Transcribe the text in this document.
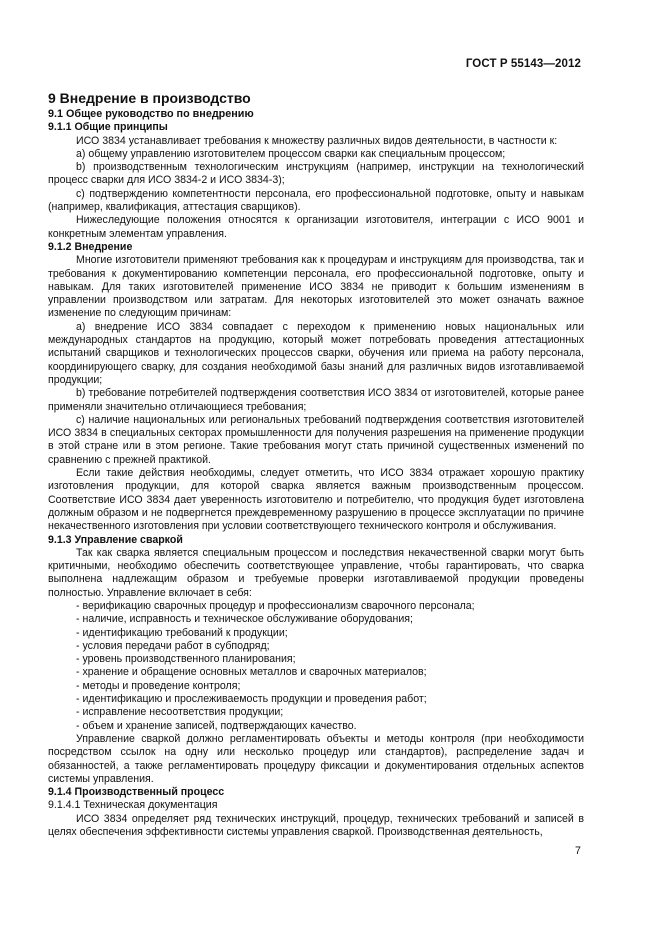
ГОСТ Р 55143—2012

9 Внедрение в производство

9.1 Общее руководство по внедрению

9.1.1 Общие принципы

ИСО 3834 устанавливает требования к множеству различных видов деятельности, в частности к:

а) общему управлению изготовителем процессом сварки как специальным процессом;

b) производственным технологическим инструкциям (например, инструкции на технологический процесс сварки для ИСО 3834-2 и ИСО 3834-3);

с) подтверждению компетентности персонала, его профессиональной подготовке, опыту и навыкам (например, квалификация, аттестация сварщиков).

Нижеследующие положения относятся к организации изготовителя, интеграции с ИСО 9001 и конкретным элементам управления.

9.1.2 Внедрение

Многие изготовители применяют требования как к процедурам и инструкциям для производства, так и требования к документированию компетенции персонала, его профессиональной подготовке, опыту и навыкам. Для таких изготовителей применение ИСО 3834 не приводит к большим изменениям в управлении производством или затратам. Для некоторых изготовителей это может означать важное изменение по следующим причинам:

а) внедрение ИСО 3834 совпадает с переходом к применению новых национальных или международных стандартов на продукцию, который может потребовать проведения аттестационных испытаний сварщиков и технологических процессов сварки, обучения или приема на работу персонала, координирующего сварку, для создания необходимой базы знаний для различных видов изготавливаемой продукции;

b) требование потребителей подтверждения соответствия ИСО 3834 от изготовителей, которые ранее применяли значительно отличающиеся требования;

с) наличие национальных или региональных требований подтверждения соответствия изготовителей ИСО 3834 в специальных секторах промышленности для получения разрешения на применение продукции в этой стране или в этом регионе. Такие требования могут стать причиной существенных изменений по сравнению с прежней практикой.

Если такие действия необходимы, следует отметить, что ИСО 3834 отражает хорошую практику изготовления продукции, для которой сварка является важным производственным процессом. Соответствие ИСО 3834 дает уверенность изготовителю и потребителю, что продукция будет изготовлена должным образом и не подвергнется преждевременному разрушению в процессе эксплуатации по причине некачественного изготовления при условии соответствующего технического контроля и обслуживания.

9.1.3 Управление сваркой

Так как сварка является специальным процессом и последствия некачественной сварки могут быть критичными, необходимо обеспечить соответствующее управление, чтобы гарантировать, что сварка выполнена надлежащим образом и требуемые проверки изготавливаемой продукции проведены полностью. Управление включает в себя:

- верификацию сварочных процедур и профессионализм сварочного персонала;
- наличие, исправность и техническое обслуживание оборудования;
- идентификацию требований к продукции;
- условия передачи работ в субподряд;
- уровень производственного планирования;
- хранение и обращение основных металлов и сварочных материалов;
- методы и проведение контроля;
- идентификацию и прослеживаемость продукции и проведения работ;
- исправление несоответствия продукции;
- объем и хранение записей, подтверждающих качество.

Управление сваркой должно регламентировать объекты и методы контроля (при необходимости посредством ссылок на одну или несколько процедур или стандартов), распределение задач и обязанностей, а также регламентировать процедуру фиксации и документирования отдельных аспектов системы управления.

9.1.4 Производственный процесс

9.1.4.1 Техническая документация

ИСО 3834 определяет ряд технических инструкций, процедур, технических требований и записей в целях обеспечения эффективности системы управления сваркой. Производственная деятельность,

7
